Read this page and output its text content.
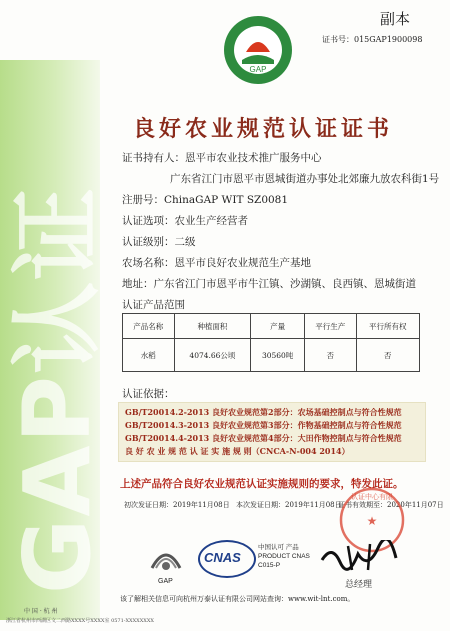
GAP认证
副本
证书号：015GAP1900098
GAP
良好农业规范认证证书
证书持有人：恩平市农业技术推广服务中心
广东省江门市恩平市恩城街道办事处北郊廉九放农科街1号
注册号：ChinaGAP WIT SZ0081
认证选项：农业生产经营者
认证级别：二级
农场名称：恩平市良好农业规范生产基地
地址：广东省江门市恩平市牛江镇、沙湖镇、良西镇、恩城街道
认证产品范围
产品名称	种植面积	产量	平行生产	平行所有权
水稻	4074.66公顷	30560吨	否	否
认证依据：
GB/T20014.2-2013 良好农业规范第2部分：农场基础控制点与符合性规范
GB/T20014.3-2013 良好农业规范第3部分：作物基础控制点与符合性规范
GB/T20014.4-2013 良好农业规范第4部分：大田作物控制点与符合性规范
良 好 农 业 规 范 认 证 实 施 规 则（CNCA-N-004 2014）
上述产品符合良好农业规范认证实施规则的要求，特发此证。
初次发证日期：2019年11月08日 本次发证日期：2019年11月08日
证书有效期至：2020年11月07日
★
认证中心有限
GAP
CNAS
中国认可 产品 PRODUCT CNAS C015-P
总经理
该了解相关信息可向杭州万泰认证有限公司网站查询：www.wit-lnt.com。
中 国 · 杭 州
浙江省杭州市西湖区文二西路XXXX号XXXX室 0571-XXXXXXXX
